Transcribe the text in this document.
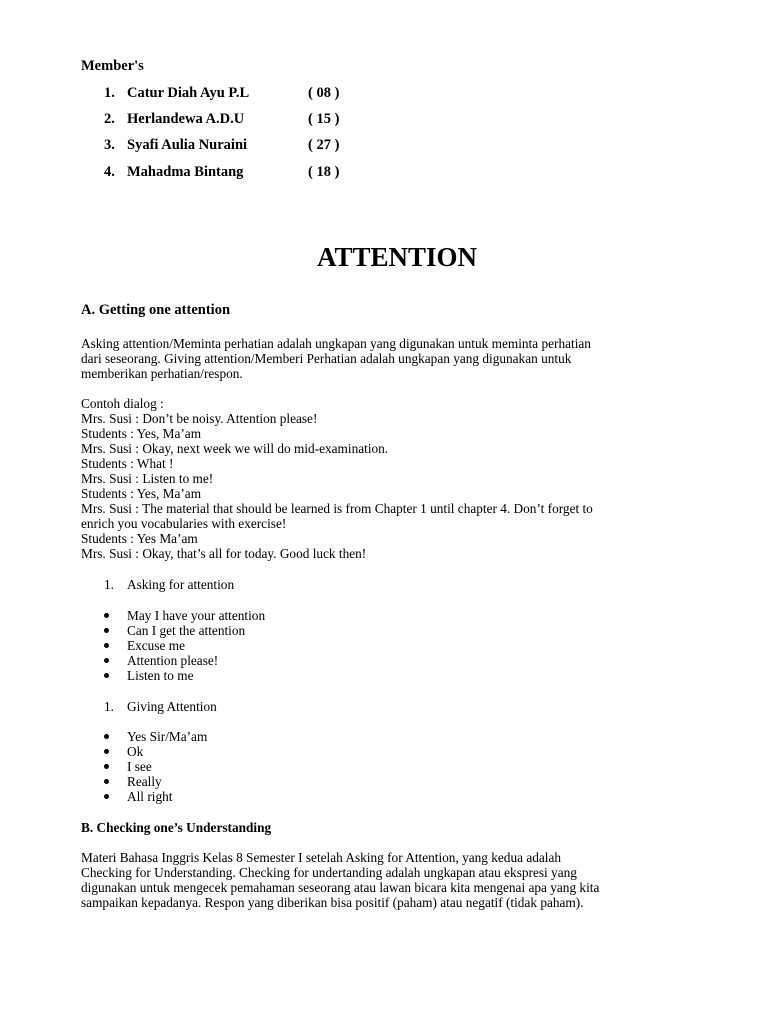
Member's
1. Catur Diah Ayu P.L	( 08 )
2. Herlandewa A.D.U	( 15 )
3. Syafi Aulia Nuraini	( 27 )
4. Mahadma Bintang	( 18 )
ATTENTION
A. Getting one attention
Asking attention/Meminta perhatian adalah ungkapan yang digunakan untuk meminta perhatian
dari seseorang. Giving attention/Memberi Perhatian adalah ungkapan yang digunakan untuk
memberikan perhatian/respon.
Contoh dialog :
Mrs. Susi : Don’t be noisy. Attention please!
Students : Yes, Ma’am
Mrs. Susi : Okay, next week we will do mid-examination.
Students : What !
Mrs. Susi : Listen to me!
Students : Yes, Ma’am
Mrs. Susi : The material that should be learned is from Chapter 1 until chapter 4. Don’t forget to
enrich you vocabularies with exercise!
Students : Yes Ma’am
Mrs. Susi : Okay, that’s all for today. Good luck then!
1. Asking for attention
May I have your attention
Can I get the attention
Excuse me
Attention please!
Listen to me
1. Giving Attention
Yes Sir/Ma’am
Ok
I see
Really
All right
B. Checking one’s Understanding
Materi Bahasa Inggris Kelas 8 Semester I setelah Asking for Attention, yang kedua adalah
Checking for Understanding. Checking for undertanding adalah ungkapan atau ekspresi yang
digunakan untuk mengecek pemahaman seseorang atau lawan bicara kita mengenai apa yang kita
sampaikan kepadanya. Respon yang diberikan bisa positif (paham) atau negatif (tidak paham).
